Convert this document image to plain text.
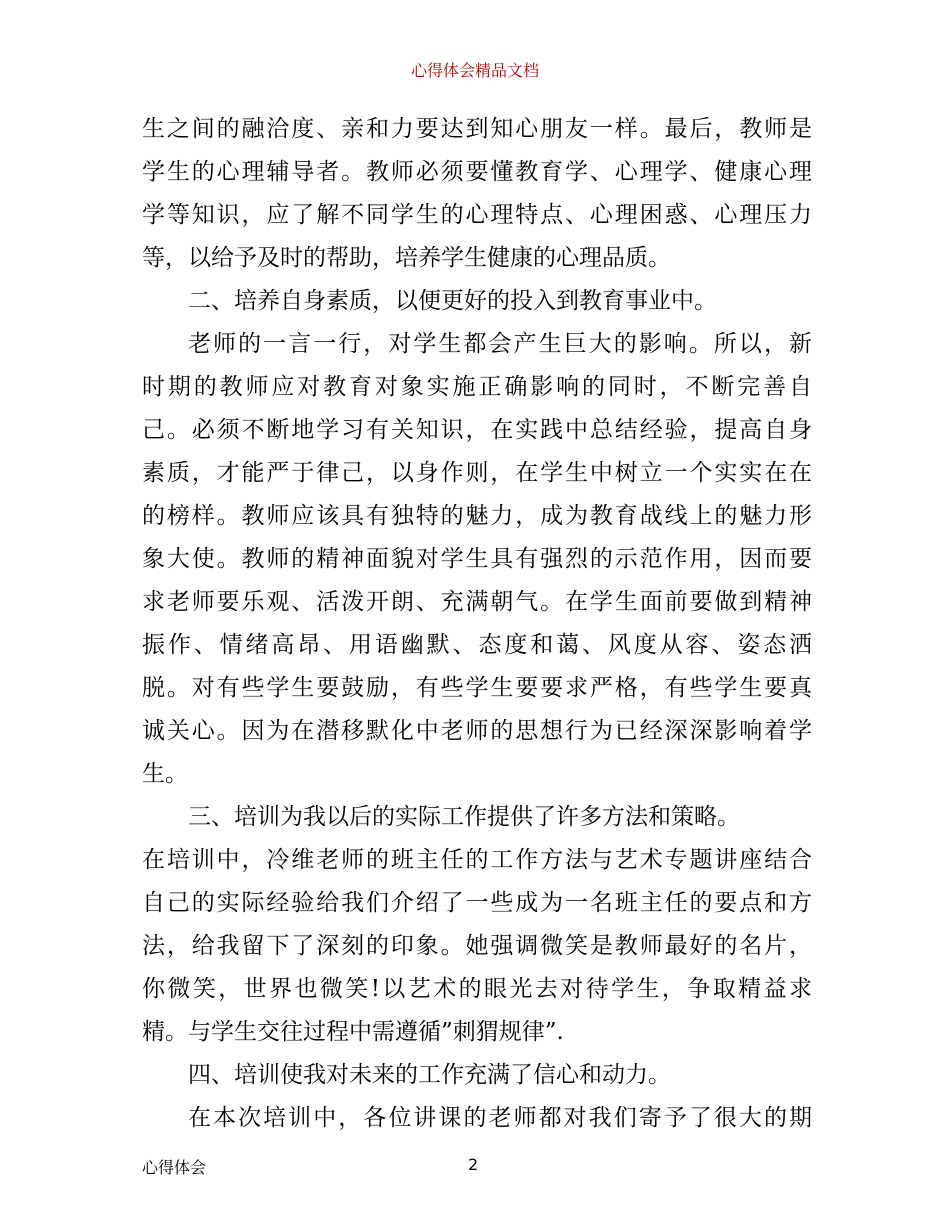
心得体会精品文档
生之间的融洽度、亲和力要达到知心朋友一样。最后，教师是
学生的心理辅导者。教师必须要懂教育学、心理学、健康心理
学等知识，应了解不同学生的心理特点、心理困惑、心理压力
等，以给予及时的帮助，培养学生健康的心理品质。
二、培养自身素质，以便更好的投入到教育事业中。
老师的一言一行，对学生都会产生巨大的影响。所以，新
时期的教师应对教育对象实施正确影响的同时，不断完善自
己。必须不断地学习有关知识，在实践中总结经验，提高自身
素质，才能严于律己，以身作则，在学生中树立一个实实在在
的榜样。教师应该具有独特的魅力，成为教育战线上的魅力形
象大使。教师的精神面貌对学生具有强烈的示范作用，因而要
求老师要乐观、活泼开朗、充满朝气。在学生面前要做到精神
振作、情绪高昂、用语幽默、态度和蔼、风度从容、姿态洒
脱。对有些学生要鼓励，有些学生要要求严格，有些学生要真
诚关心。因为在潜移默化中老师的思想行为已经深深影响着学
生。
三、培训为我以后的实际工作提供了许多方法和策略。
在培训中，冷维老师的班主任的工作方法与艺术专题讲座结合
自己的实际经验给我们介绍了一些成为一名班主任的要点和方
法，给我留下了深刻的印象。她强调微笑是教师最好的名片，
你微笑，世界也微笑!以艺术的眼光去对待学生，争取精益求
精。与学生交往过程中需遵循”刺猬规律”.
四、培训使我对未来的工作充满了信心和动力。
在本次培训中，各位讲课的老师都对我们寄予了很大的期
心得体会	2
